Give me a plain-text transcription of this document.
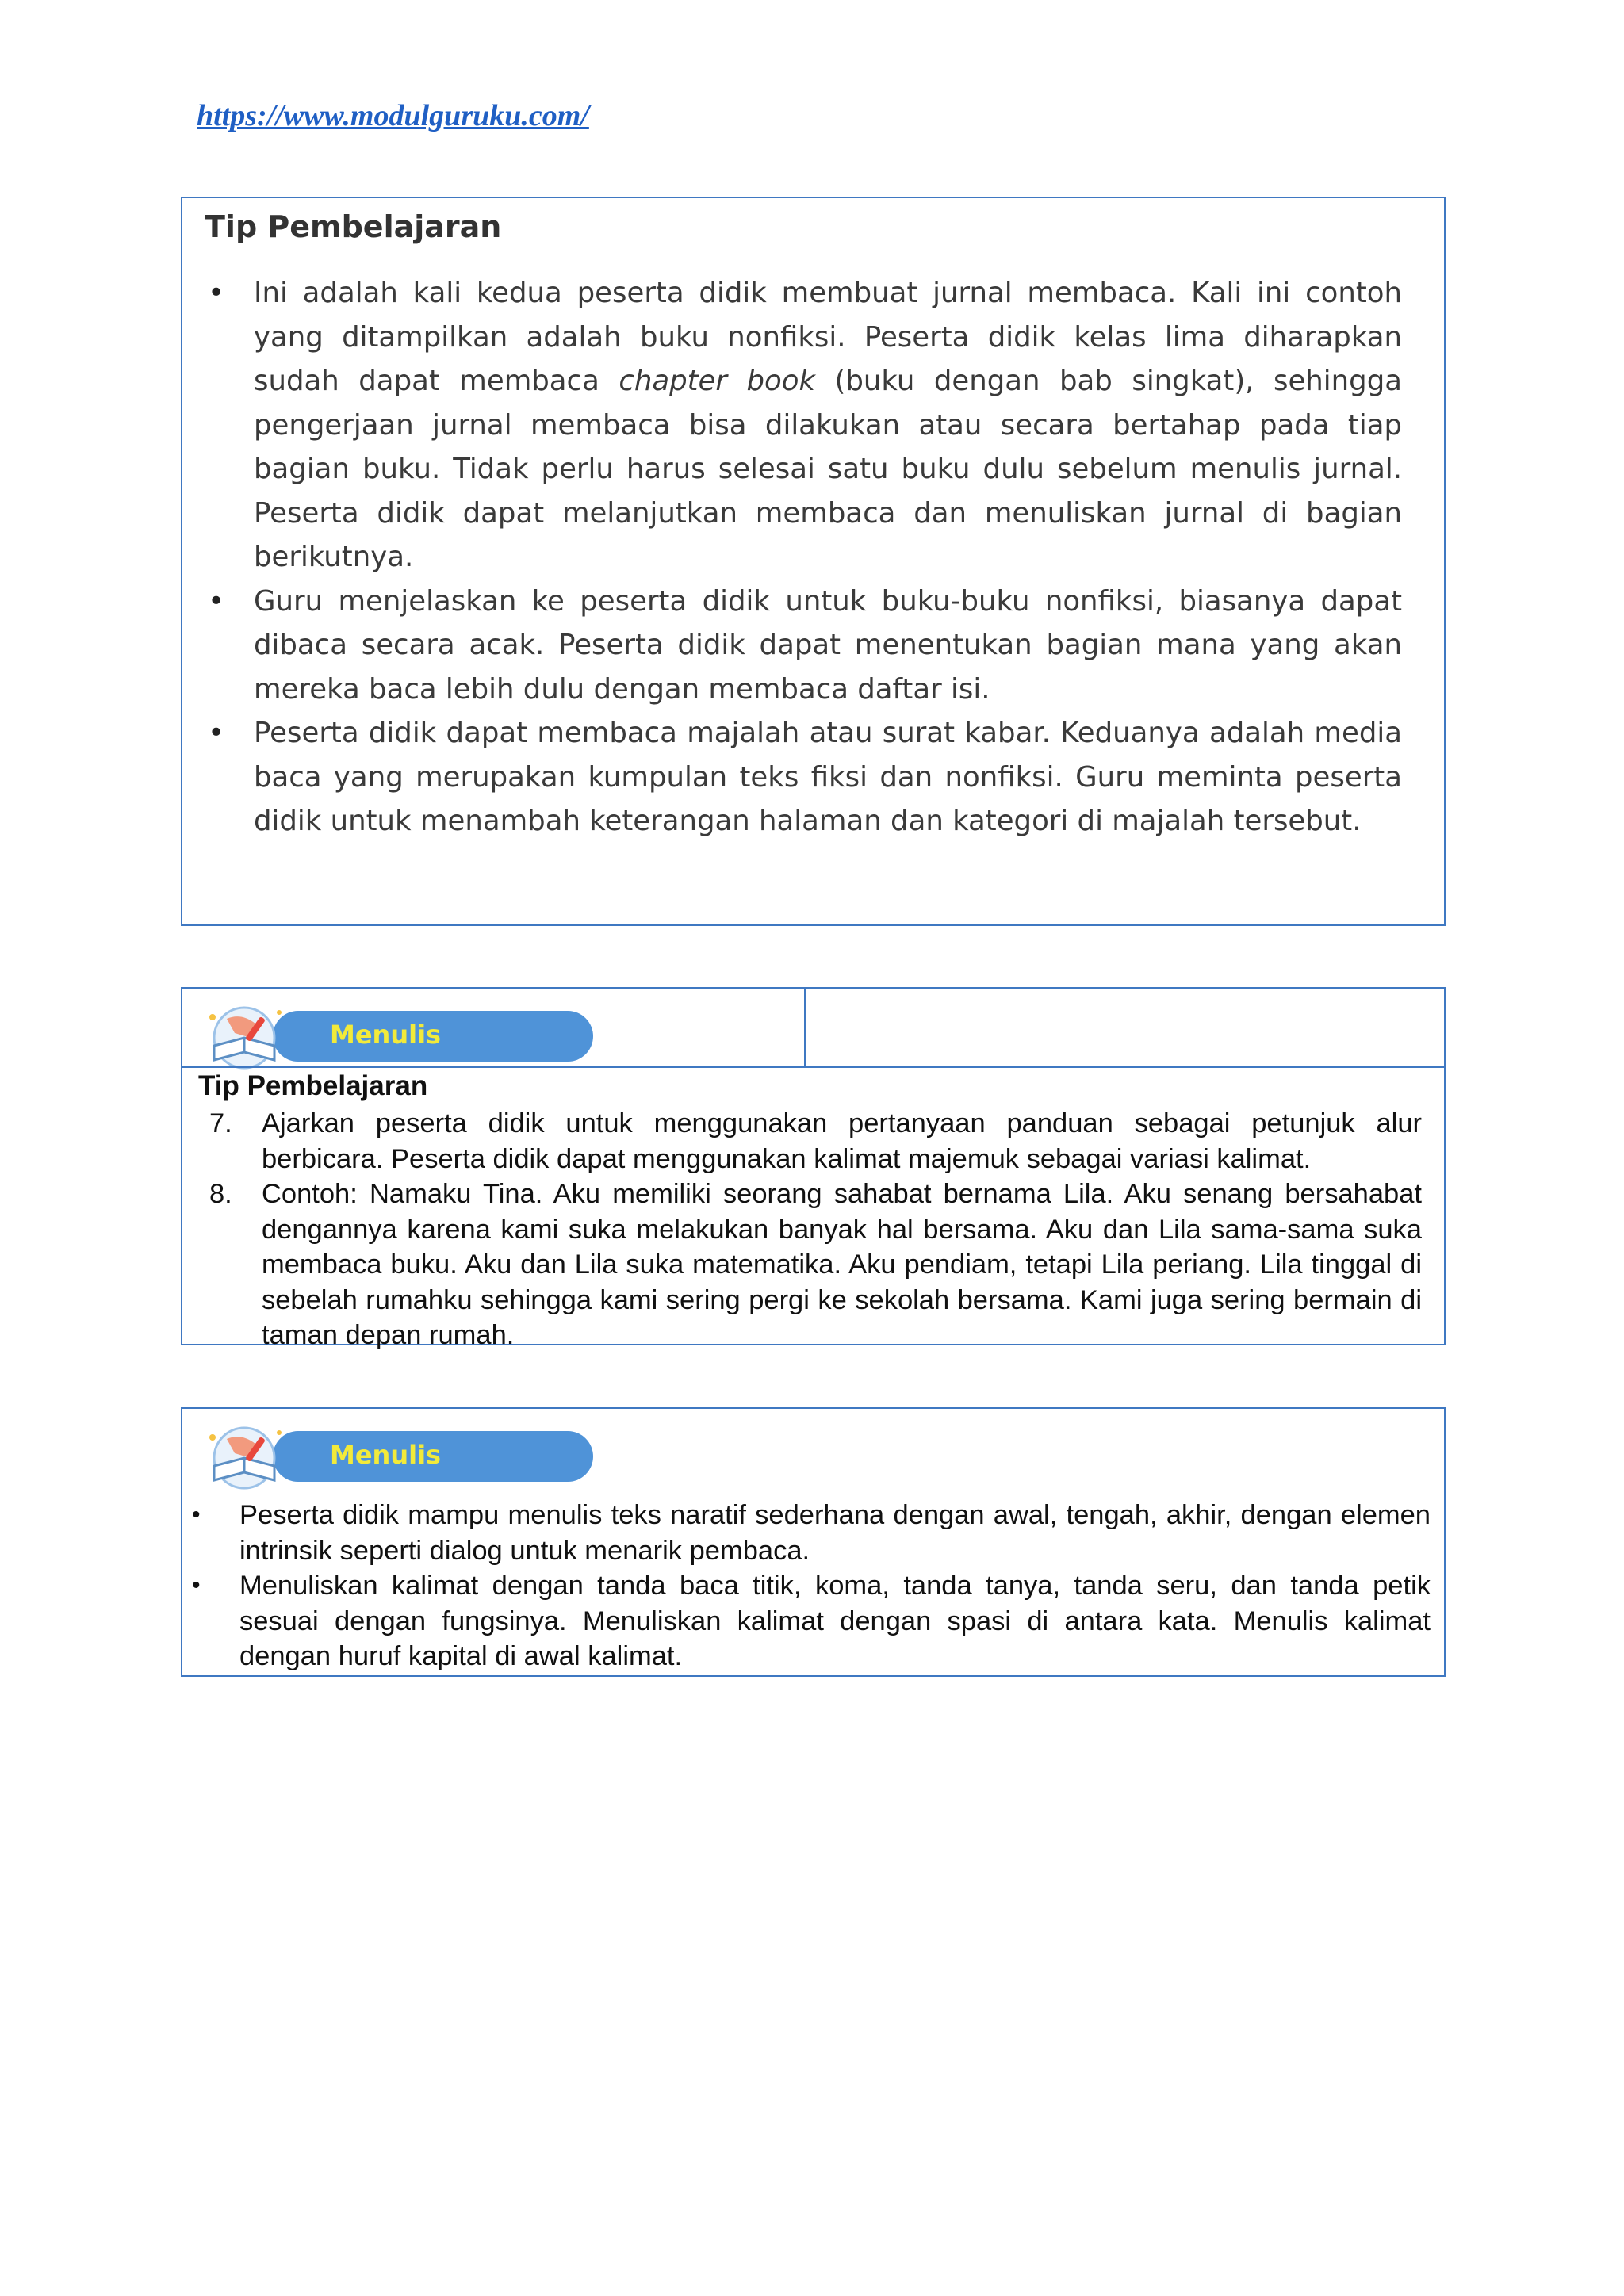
https://www.modulguruku.com/
Tip Pembelajaran
• Ini adalah kali kedua peserta didik membuat jurnal membaca. Kali ini contoh yang ditampilkan adalah buku nonfiksi. Peserta didik kelas lima diharapkan sudah dapat membaca chapter book (buku dengan bab singkat), sehingga pengerjaan jurnal membaca bisa dilakukan atau secara bertahap pada tiap bagian buku. Tidak perlu harus selesai satu buku dulu sebelum menulis jurnal. Peserta didik dapat melanjutkan membaca dan menuliskan jurnal di bagian berikutnya.
• Guru menjelaskan ke peserta didik untuk buku-buku nonfiksi, biasanya dapat dibaca secara acak. Peserta didik dapat menentukan bagian mana yang akan mereka baca lebih dulu dengan membaca daftar isi.
• Peserta didik dapat membaca majalah atau surat kabar. Keduanya adalah media baca yang merupakan kumpulan teks fiksi dan nonfiksi. Guru meminta peserta didik untuk menambah keterangan halaman dan kategori di majalah tersebut.
Menulis
Tip Pembelajaran
7. Ajarkan peserta didik untuk menggunakan pertanyaan panduan sebagai petunjuk alur berbicara. Peserta didik dapat menggunakan kalimat majemuk sebagai variasi kalimat.
8. Contoh: Namaku Tina. Aku memiliki seorang sahabat bernama Lila. Aku senang bersahabat dengannya karena kami suka melakukan banyak hal bersama. Aku dan Lila sama-sama suka membaca buku. Aku dan Lila suka matematika. Aku pendiam, tetapi Lila periang. Lila tinggal di sebelah rumahku sehingga kami sering pergi ke sekolah bersama. Kami juga sering bermain di taman depan rumah.
Menulis
• Peserta didik mampu menulis teks naratif sederhana dengan awal, tengah, akhir, dengan elemen intrinsik seperti dialog untuk menarik pembaca.
• Menuliskan kalimat dengan tanda baca titik, koma, tanda tanya, tanda seru, dan tanda petik sesuai dengan fungsinya. Menuliskan kalimat dengan spasi di antara kata. Menulis kalimat dengan huruf kapital di awal kalimat.
